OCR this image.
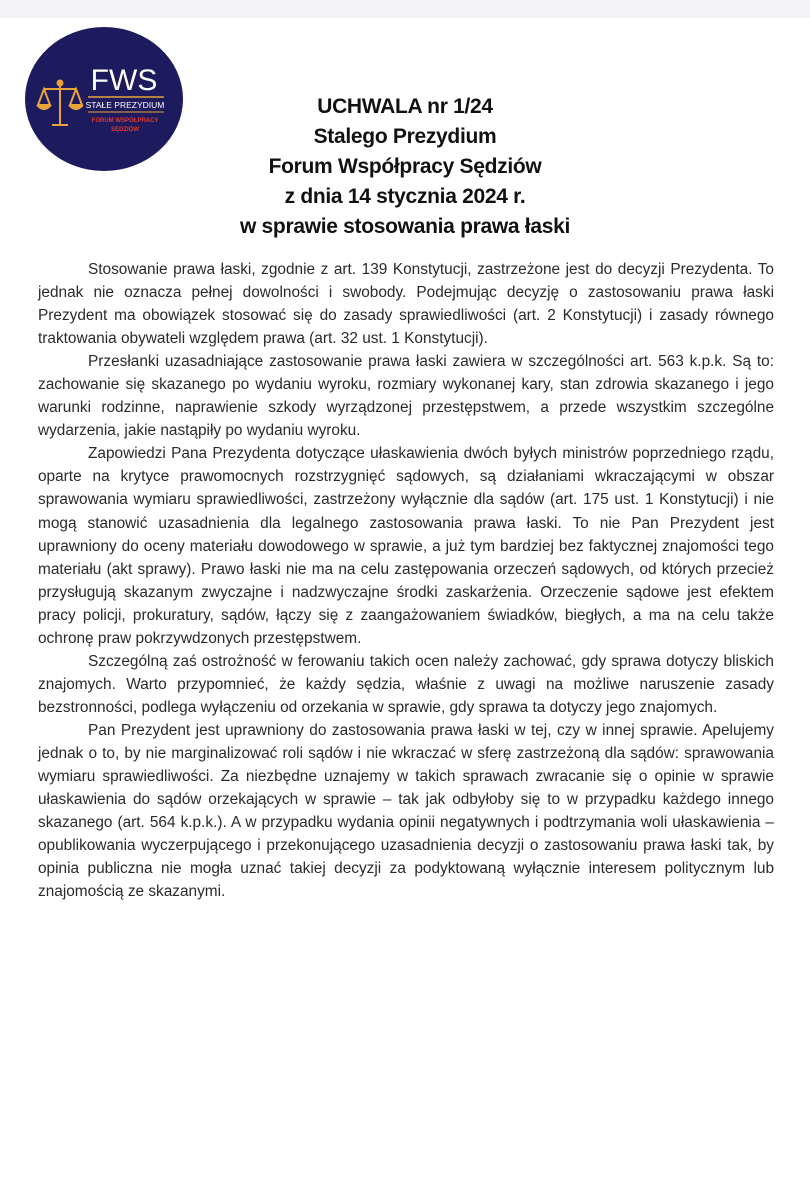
FWS
STAŁE PREZYDIUM
FORUM WSPÓŁPRACY
SĘDZIÓW
UCHWALA nr 1/24
Stalego Prezydium
Forum Współpracy Sędziów
z dnia 14 stycznia 2024 r.
w sprawie stosowania prawa łaski

Stosowanie prawa łaski, zgodnie z art. 139 Konstytucji, zastrzeżone jest do decyzji Prezydenta. To jednak nie oznacza pełnej dowolności i swobody. Podejmując decyzję o zastosowaniu prawa łaski Prezydent ma obowiązek stosować się do zasady sprawiedliwości (art. 2 Konstytucji) i zasady równego traktowania obywateli względem prawa (art. 32 ust. 1 Konstytucji).

Przesłanki uzasadniające zastosowanie prawa łaski zawiera w szczególności art. 563 k.p.k. Są to: zachowanie się skazanego po wydaniu wyroku, rozmiary wykonanej kary, stan zdrowia skazanego i jego warunki rodzinne, naprawienie szkody wyrządzonej przestępstwem, a przede wszystkim szczególne wydarzenia, jakie nastąpiły po wydaniu wyroku.

Zapowiedzi Pana Prezydenta dotyczące ułaskawienia dwóch byłych ministrów poprzedniego rządu, oparte na krytyce prawomocnych rozstrzygnięć sądowych, są działaniami wkraczającymi w obszar sprawowania wymiaru sprawiedliwości, zastrzeżony wyłącznie dla sądów (art. 175 ust. 1 Konstytucji) i nie mogą stanowić uzasadnienia dla legalnego zastosowania prawa łaski. To nie Pan Prezydent jest uprawniony do oceny materiału dowodowego w sprawie, a już tym bardziej bez faktycznej znajomości tego materiału (akt sprawy). Prawo łaski nie ma na celu zastępowania orzeczeń sądowych, od których przecież przysługują skazanym zwyczajne i nadzwyczajne środki zaskarżenia. Orzeczenie sądowe jest efektem pracy policji, prokuratury, sądów, łączy się z zaangażowaniem świadków, biegłych, a ma na celu także ochronę praw pokrzywdzonych przestępstwem.

Szczególną zaś ostrożność w ferowaniu takich ocen należy zachować, gdy sprawa dotyczy bliskich znajomych. Warto przypomnieć, że każdy sędzia, właśnie z uwagi na możliwe naruszenie zasady bezstronności, podlega wyłączeniu od orzekania w sprawie, gdy sprawa ta dotyczy jego znajomych.

Pan Prezydent jest uprawniony do zastosowania prawa łaski w tej, czy w innej sprawie. Apelujemy jednak o to, by nie marginalizować roli sądów i nie wkraczać w sferę zastrzeżoną dla sądów: sprawowania wymiaru sprawiedliwości. Za niezbędne uznajemy w takich sprawach zwracanie się o opinie w sprawie ułaskawienia do sądów orzekających w sprawie – tak jak odbyłoby się to w przypadku każdego innego skazanego (art. 564 k.p.k.). A w przypadku wydania opinii negatywnych i podtrzymania woli ułaskawienia – opublikowania wyczerpującego i przekonującego uzasadnienia decyzji o zastosowaniu prawa łaski tak, by opinia publiczna nie mogła uznać takiej decyzji za podyktowaną wyłącznie interesem politycznym lub znajomością ze skazanymi.
